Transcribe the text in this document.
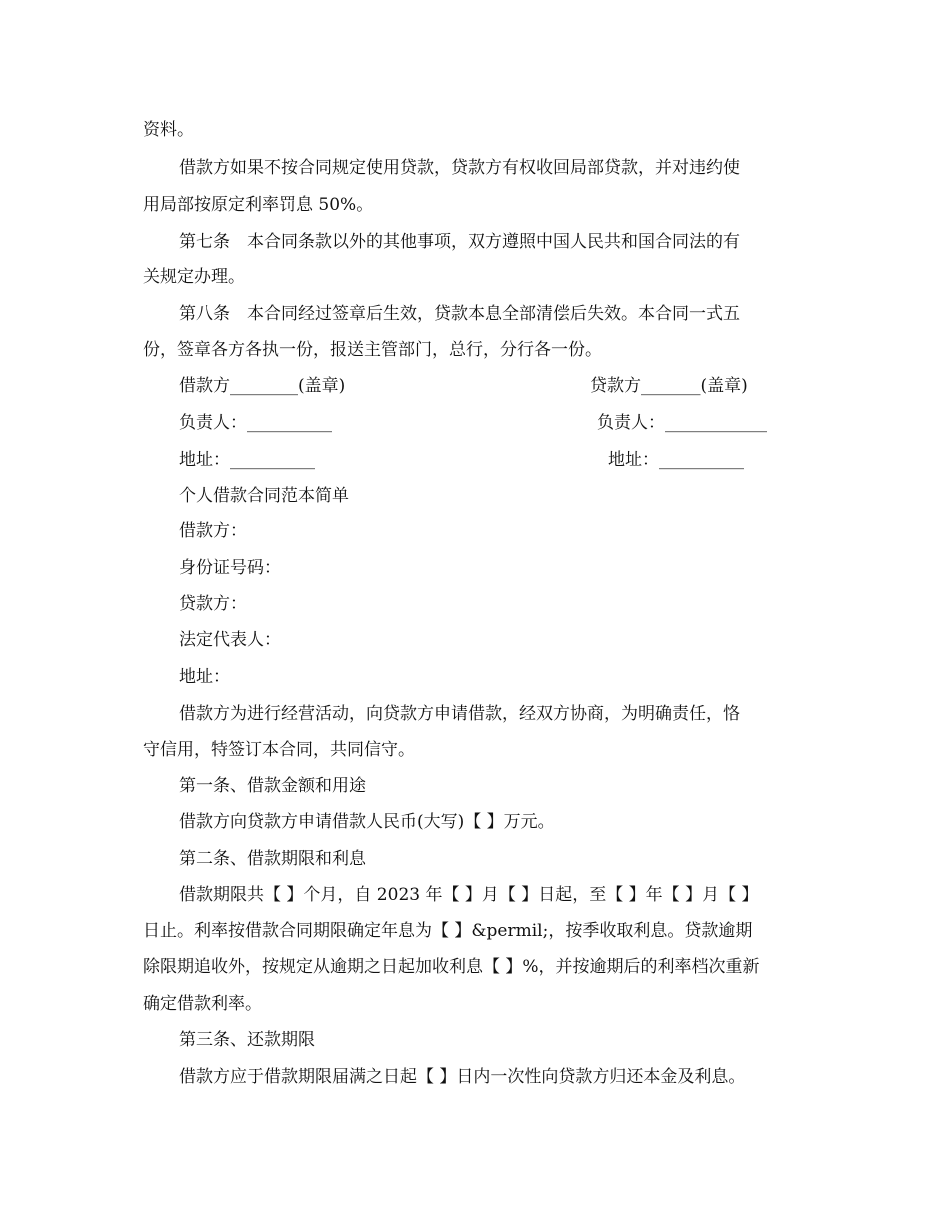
资料。
借款方如果不按合同规定使用贷款，贷款方有权收回局部贷款，并对违约使
用局部按原定利率罚息 50%。
第七条　本合同条款以外的其他事项，双方遵照中国人民共和国合同法的有
关规定办理。
第八条　本合同经过签章后生效，贷款本息全部清偿后失效。本合同一式五
份，签章各方各执一份，报送主管部门，总行，分行各一份。
借款方________(盖章)	贷款方_______(盖章)
负责人：__________	负责人：____________
地址：__________	地址：__________
个人借款合同范本简单
借款方：
身份证号码：
贷款方：
法定代表人：
地址：
借款方为进行经营活动，向贷款方申请借款，经双方协商，为明确责任，恪
守信用，特签订本合同，共同信守。
第一条、借款金额和用途
借款方向贷款方申请借款人民币(大写)【 】万元。
第二条、借款期限和利息
借款期限共【 】个月，自 2023 年【 】月【 】日起，至【 】年【 】月【 】
日止。利率按借款合同期限确定年息为【 】&permil;，按季收取利息。贷款逾期
除限期追收外，按规定从逾期之日起加收利息【 】%，并按逾期后的利率档次重新
确定借款利率。
第三条、还款期限
借款方应于借款期限届满之日起【 】日内一次性向贷款方归还本金及利息。
